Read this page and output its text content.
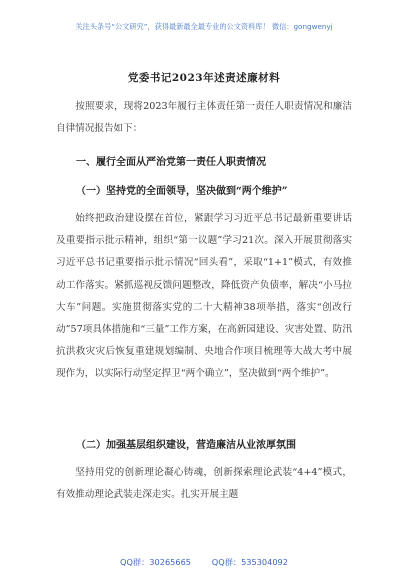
关注头条号“公文研究”，获得最新最全最专业的公文资料库！ 微信：gongwenyj
党委书记2023年述责述廉材料

按照要求，现将2023年履行主体责任第一责任人职责情况和廉洁自律情况报告如下：

一、履行全面从严治党第一责任人职责情况

（一）坚持党的全面领导，坚决做到“两个维护”

始终把政治建设摆在首位，紧跟学习习近平总书记最新重要讲话及重要指示批示精神，组织“第一议题”学习21次。深入开展贯彻落实习近平总书记重要指示批示情况“回头看”，采取“1+1”模式，有效推动工作落实。紧抓巡视反馈问题整改，降低资产负债率，解决“小马拉大车”问题。实施贯彻落实党的二十大精神38项举措，落实“创改行动”57项具体措施和“三量”工作方案，在高新园建设、灾害处置、防汛抗洪救灾灾后恢复重建规划编制、央地合作项目梳理等大战大考中展现作为，以实际行动坚定捍卫“两个确立”，坚决做到“两个维护”。

（二）加强基层组织建设，营造廉洁从业浓厚氛围

坚持用党的创新理论凝心铸魂，创新探索理论武装“4+4”模式，有效推动理论武装走深走实。扎实开展主题

QQ群：30265665        QQ群：535304092
